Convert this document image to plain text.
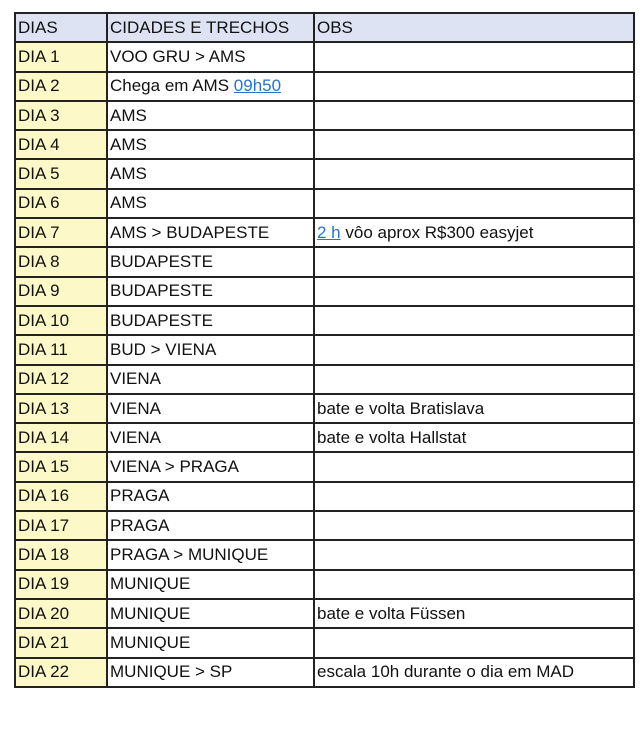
DIAS	CIDADES E TRECHOS	OBS
DIA 1	VOO GRU > AMS	
DIA 2	Chega em AMS 09h50	
DIA 3	AMS	
DIA 4	AMS	
DIA 5	AMS	
DIA 6	AMS	
DIA 7	AMS > BUDAPESTE	2 h vôo aprox R$300 easyjet
DIA 8	BUDAPESTE	
DIA 9	BUDAPESTE	
DIA 10	BUDAPESTE	
DIA 11	BUD > VIENA	
DIA 12	VIENA	
DIA 13	VIENA	bate e volta Bratislava
DIA 14	VIENA	bate e volta Hallstat
DIA 15	VIENA > PRAGA	
DIA 16	PRAGA	
DIA 17	PRAGA	
DIA 18	PRAGA > MUNIQUE	
DIA 19	MUNIQUE	
DIA 20	MUNIQUE	bate e volta Füssen
DIA 21	MUNIQUE	
DIA 22	MUNIQUE > SP	escala 10h durante o dia em MAD
